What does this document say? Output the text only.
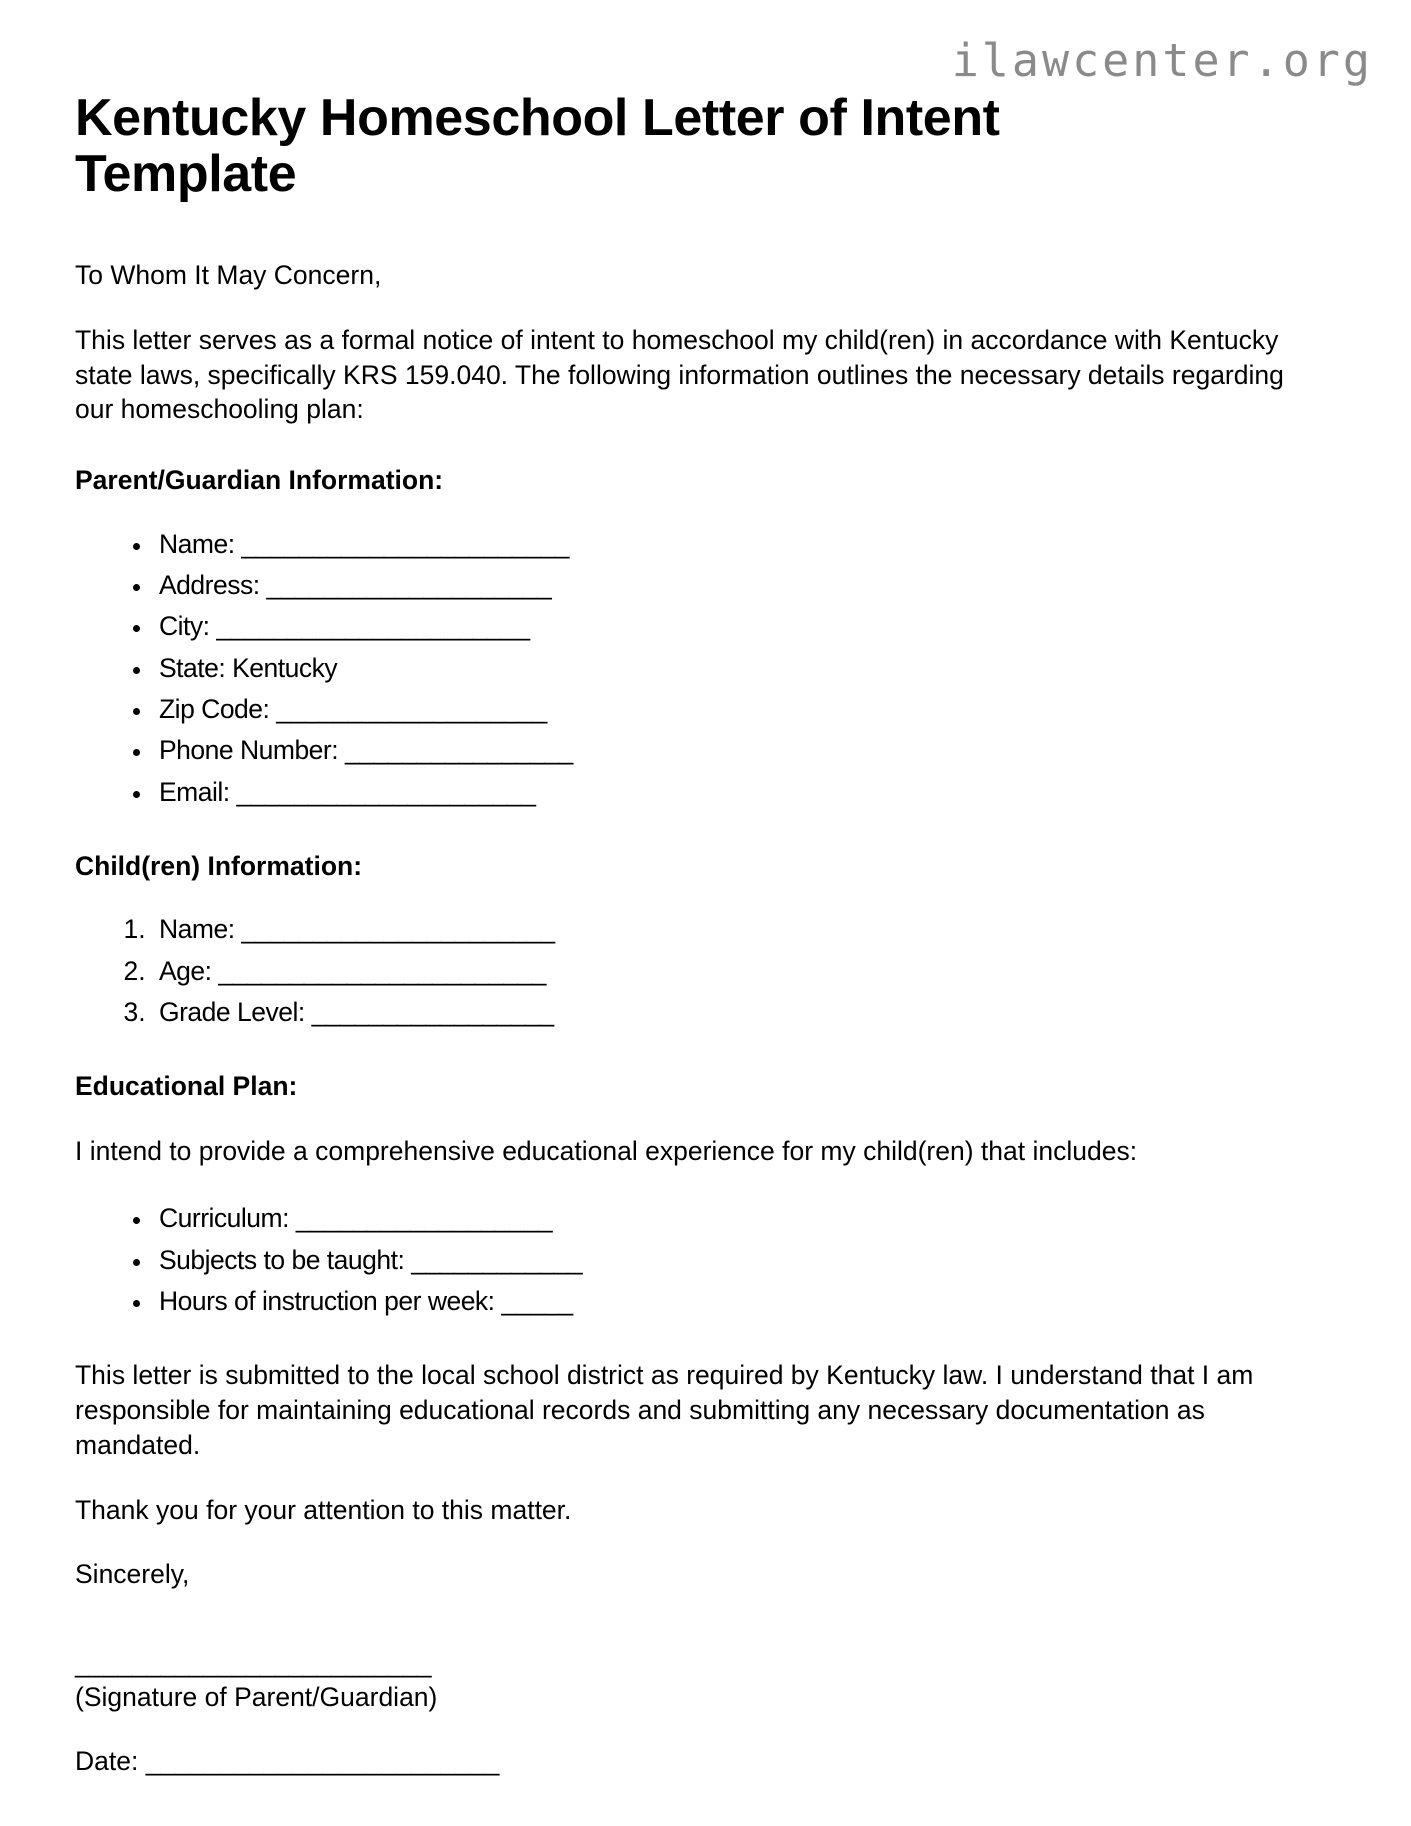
ilawcenter.org
Kentucky Homeschool Letter of Intent Template

To Whom It May Concern,

This letter serves as a formal notice of intent to homeschool my child(ren) in accordance with Kentucky state laws, specifically KRS 159.040. The following information outlines the necessary details regarding our homeschooling plan:

Parent/Guardian Information:
• Name: _______________________
• Address: ____________________
• City: ______________________
• State: Kentucky
• Zip Code: ___________________
• Phone Number: ________________
• Email: _____________________
Child(ren) Information:
1. Name: ______________________
2. Age: _______________________
3. Grade Level: _________________
Educational Plan:

I intend to provide a comprehensive educational experience for my child(ren) that includes:

• Curriculum: __________________
• Subjects to be taught: ____________
• Hours of instruction per week: _____

This letter is submitted to the local school district as required by Kentucky law. I understand that I am responsible for maintaining educational records and submitting any necessary documentation as mandated.

Thank you for your attention to this matter.

Sincerely,

_________________________

(Signature of Parent/Guardian)

Date: ________________________
